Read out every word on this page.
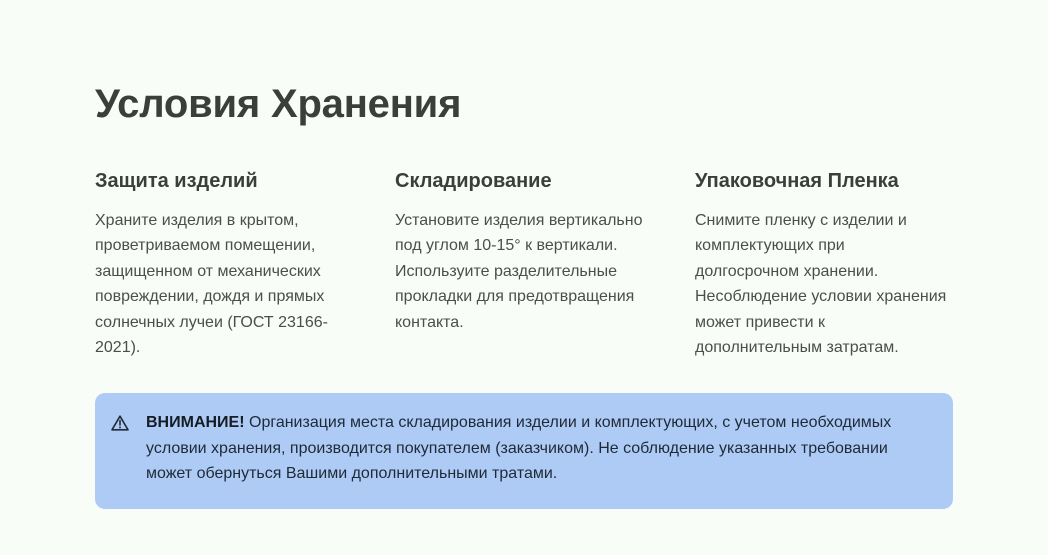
Условия Хранения
Защита изделий

Храните изделия в крытом, проветриваемом помещении, защищенном от механических повреждении, дождя и прямых солнечных лучеи (ГОСТ 23166-2021).

Складирование

Установите изделия вертикально под углом 10-15° к вертикали. Используите разделительные прокладки для предотвращения контакта.

Упаковочная Пленка

Снимите пленку с изделии и комплектующих при долгосрочном хранении. Несоблюдение условии хранения может привести к дополнительным затратам.

ВНИМАНИЕ! Организация места складирования изделии и комплектующих, с учетом необходимых условии хранения, производится покупателем (заказчиком). Не соблюдение указанных требовании может обернуться Вашими дополнительными тратами.
